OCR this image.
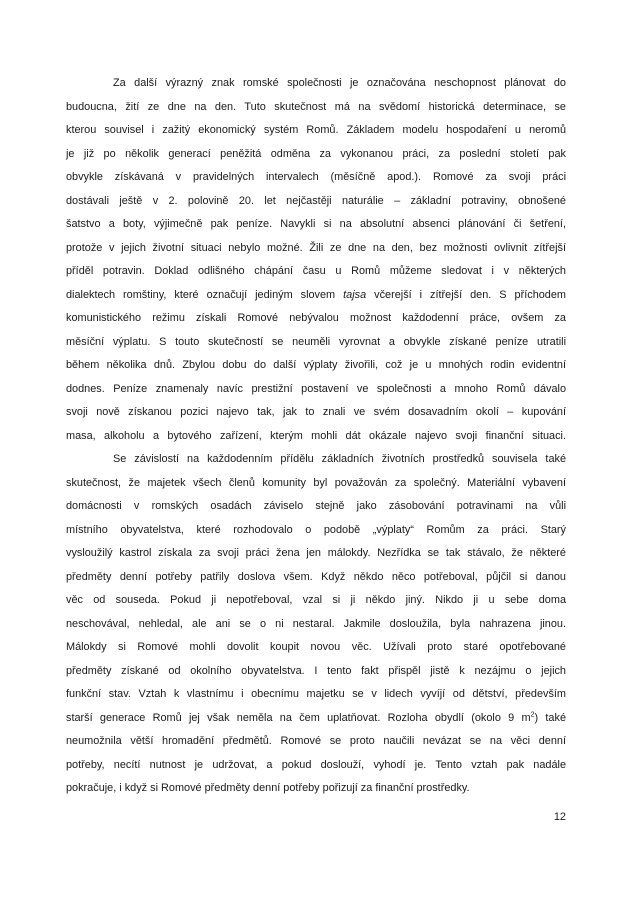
Za další výrazný znak romské společnosti je označována neschopnost plánovat do
budoucna, žití ze dne na den. Tuto skutečnost má na svědomí historická determinace, se
kterou souvisel i zažitý ekonomický systém Romů. Základem modelu hospodaření u neromů
je již po několik generací peněžitá odměna za vykonanou práci, za poslední století pak
obvykle získávaná v pravidelných intervalech (měsíčně apod.). Romové za svoji práci
dostávali ještě v 2. polovině 20. let nejčastěji naturálie – základní potraviny, obnošené
šatstvo a boty, výjimečně pak peníze. Navykli si na absolutní absenci plánování či šetření,
protože v jejich životní situaci nebylo možné. Žili ze dne na den, bez možnosti ovlivnit zítřejší
příděl potravin. Doklad odlišného chápání času u Romů můžeme sledovat i v některých
dialektech romštiny, které označují jediným slovem tajsa včerejší i zítřejší den. S příchodem
komunistického režimu získali Romové nebývalou možnost každodenní práce, ovšem za
měsíční výplatu. S touto skutečností se neuměli vyrovnat a obvykle získané peníze utratili
během několika dnů. Zbylou dobu do další výplaty živořili, což je u mnohých rodin evidentní
dodnes. Peníze znamenaly navíc prestižní postavení ve společnosti a mnoho Romů dávalo
svoji nově získanou pozici najevo tak, jak to znali ve svém dosavadním okolí – kupování
masa, alkoholu a bytového zařízení, kterým mohli dát okázale najevo svoji finanční situaci.
Se závislostí na každodenním přídělu základních životních prostředků souvisela také
skutečnost, že majetek všech členů komunity byl považován za společný. Materiální vybavení
domácnosti v romských osadách záviselo stejně jako zásobování potravinami na vůli
místního obyvatelstva, které rozhodovalo o podobě „výplaty“ Romům za práci. Starý
vysloužilý kastrol získala za svoji práci žena jen málokdy. Nezřídka se tak stávalo, že některé
předměty denní potřeby patřily doslova všem. Když někdo něco potřeboval, půjčil si danou
věc od souseda. Pokud ji nepotřeboval, vzal si ji někdo jiný. Nikdo ji u sebe doma
neschovával, nehledal, ale ani se o ni nestaral. Jakmile dosloužila, byla nahrazena jinou.
Málokdy si Romové mohli dovolit koupit novou věc. Užívali proto staré opotřebované
předměty získané od okolního obyvatelstva. I tento fakt přispěl jistě k nezájmu o jejich
funkční stav. Vztah k vlastnímu i obecnímu majetku se v lidech vyvíjí od dětství, především
starší generace Romů jej však neměla na čem uplatňovat. Rozloha obydlí (okolo 9 $m^2$) také
neumožnila větší hromadění předmětů. Romové se proto naučili nevázat se na věci denní
potřeby, necítí nutnost je udržovat, a pokud doslouží, vyhodí je. Tento vztah pak nadále
pokračuje, i když si Romové předměty denní potřeby pořizují za finanční prostředky.
12
